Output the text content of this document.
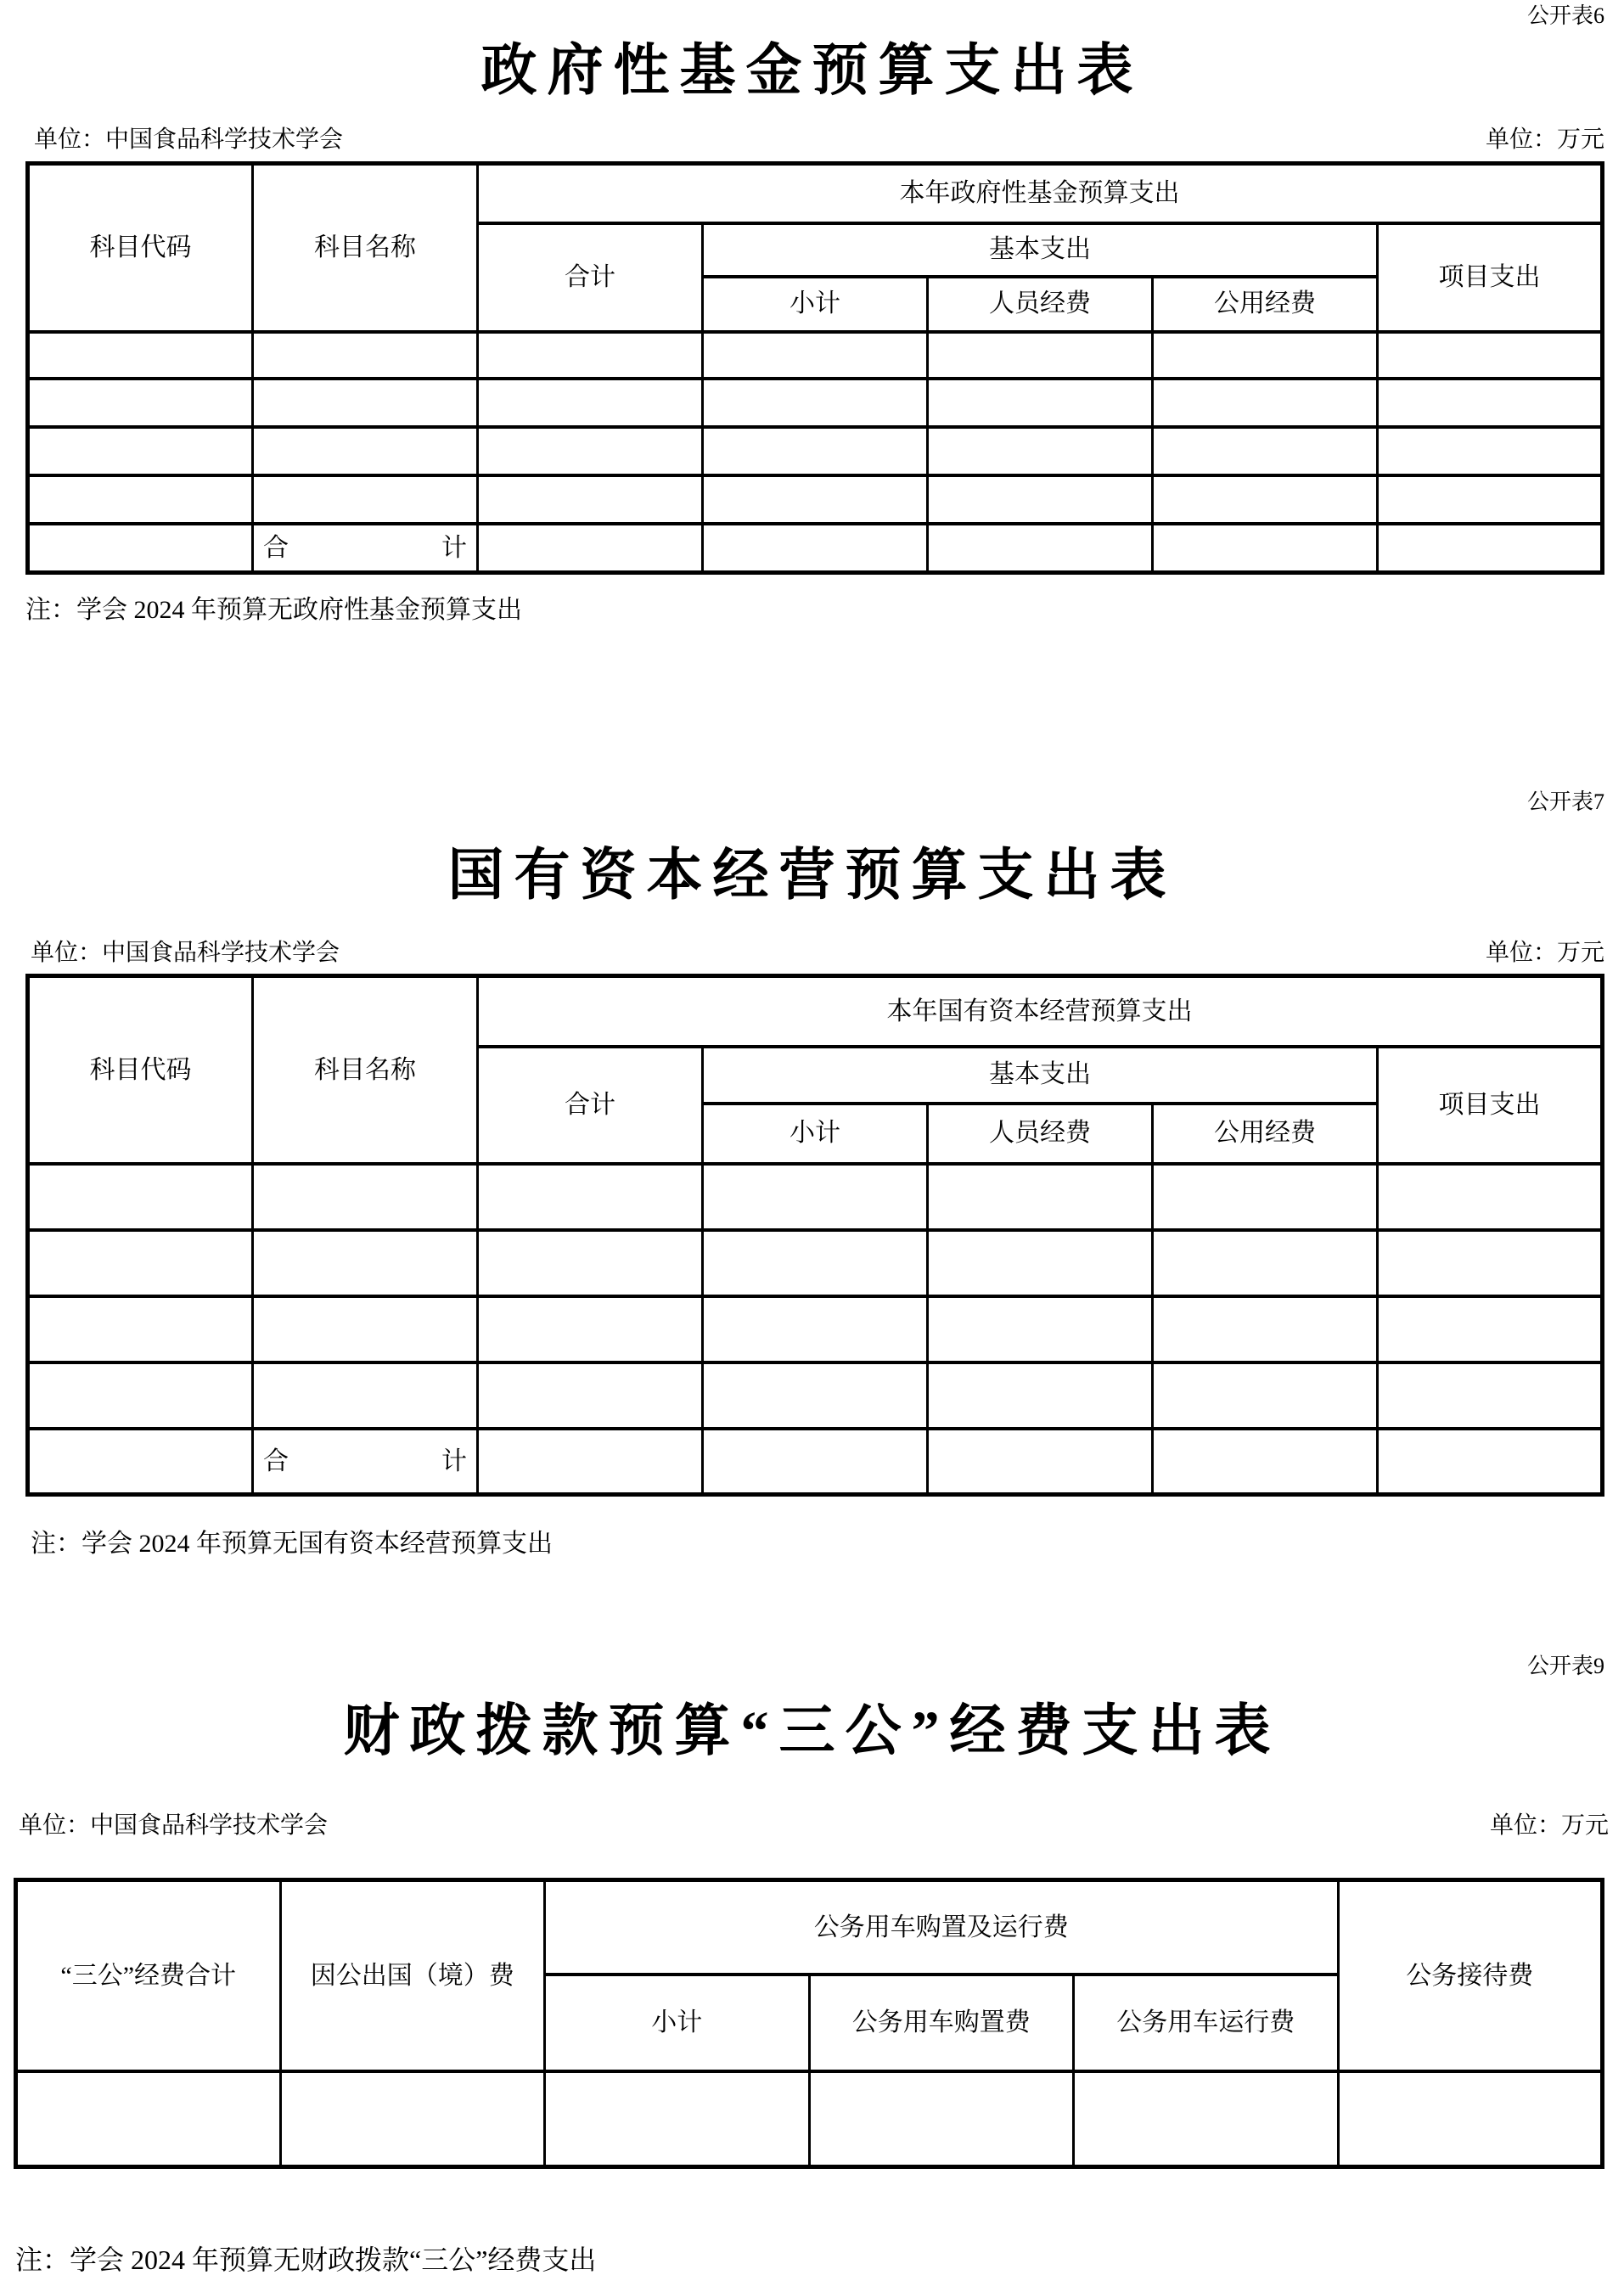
公开表6
政府性基金预算支出表
单位：中国食品科学技术学会	单位：万元
科目代码	科目名称	本年政府性基金预算支出				
		合计	基本支出			项目支出
			小计	人员经费	公用经费	

	合　　　　　　计					
注：学会 2024 年预算无政府性基金预算支出
公开表7
国有资本经营预算支出表
单位：中国食品科学技术学会	单位：万元
科目代码	科目名称	本年国有资本经营预算支出				
		合计	基本支出			项目支出
			小计	人员经费	公用经费	

	合　　　　　　计					
注：学会 2024 年预算无国有资本经营预算支出
公开表9
财政拨款预算“三公”经费支出表
单位：中国食品科学技术学会	单位：万元
“三公”经费合计	因公出国（境）费	公务用车购置及运行费			公务接待费
		小计	公务用车购置费	公务用车运行费	

注：学会 2024 年预算无财政拨款“三公”经费支出
